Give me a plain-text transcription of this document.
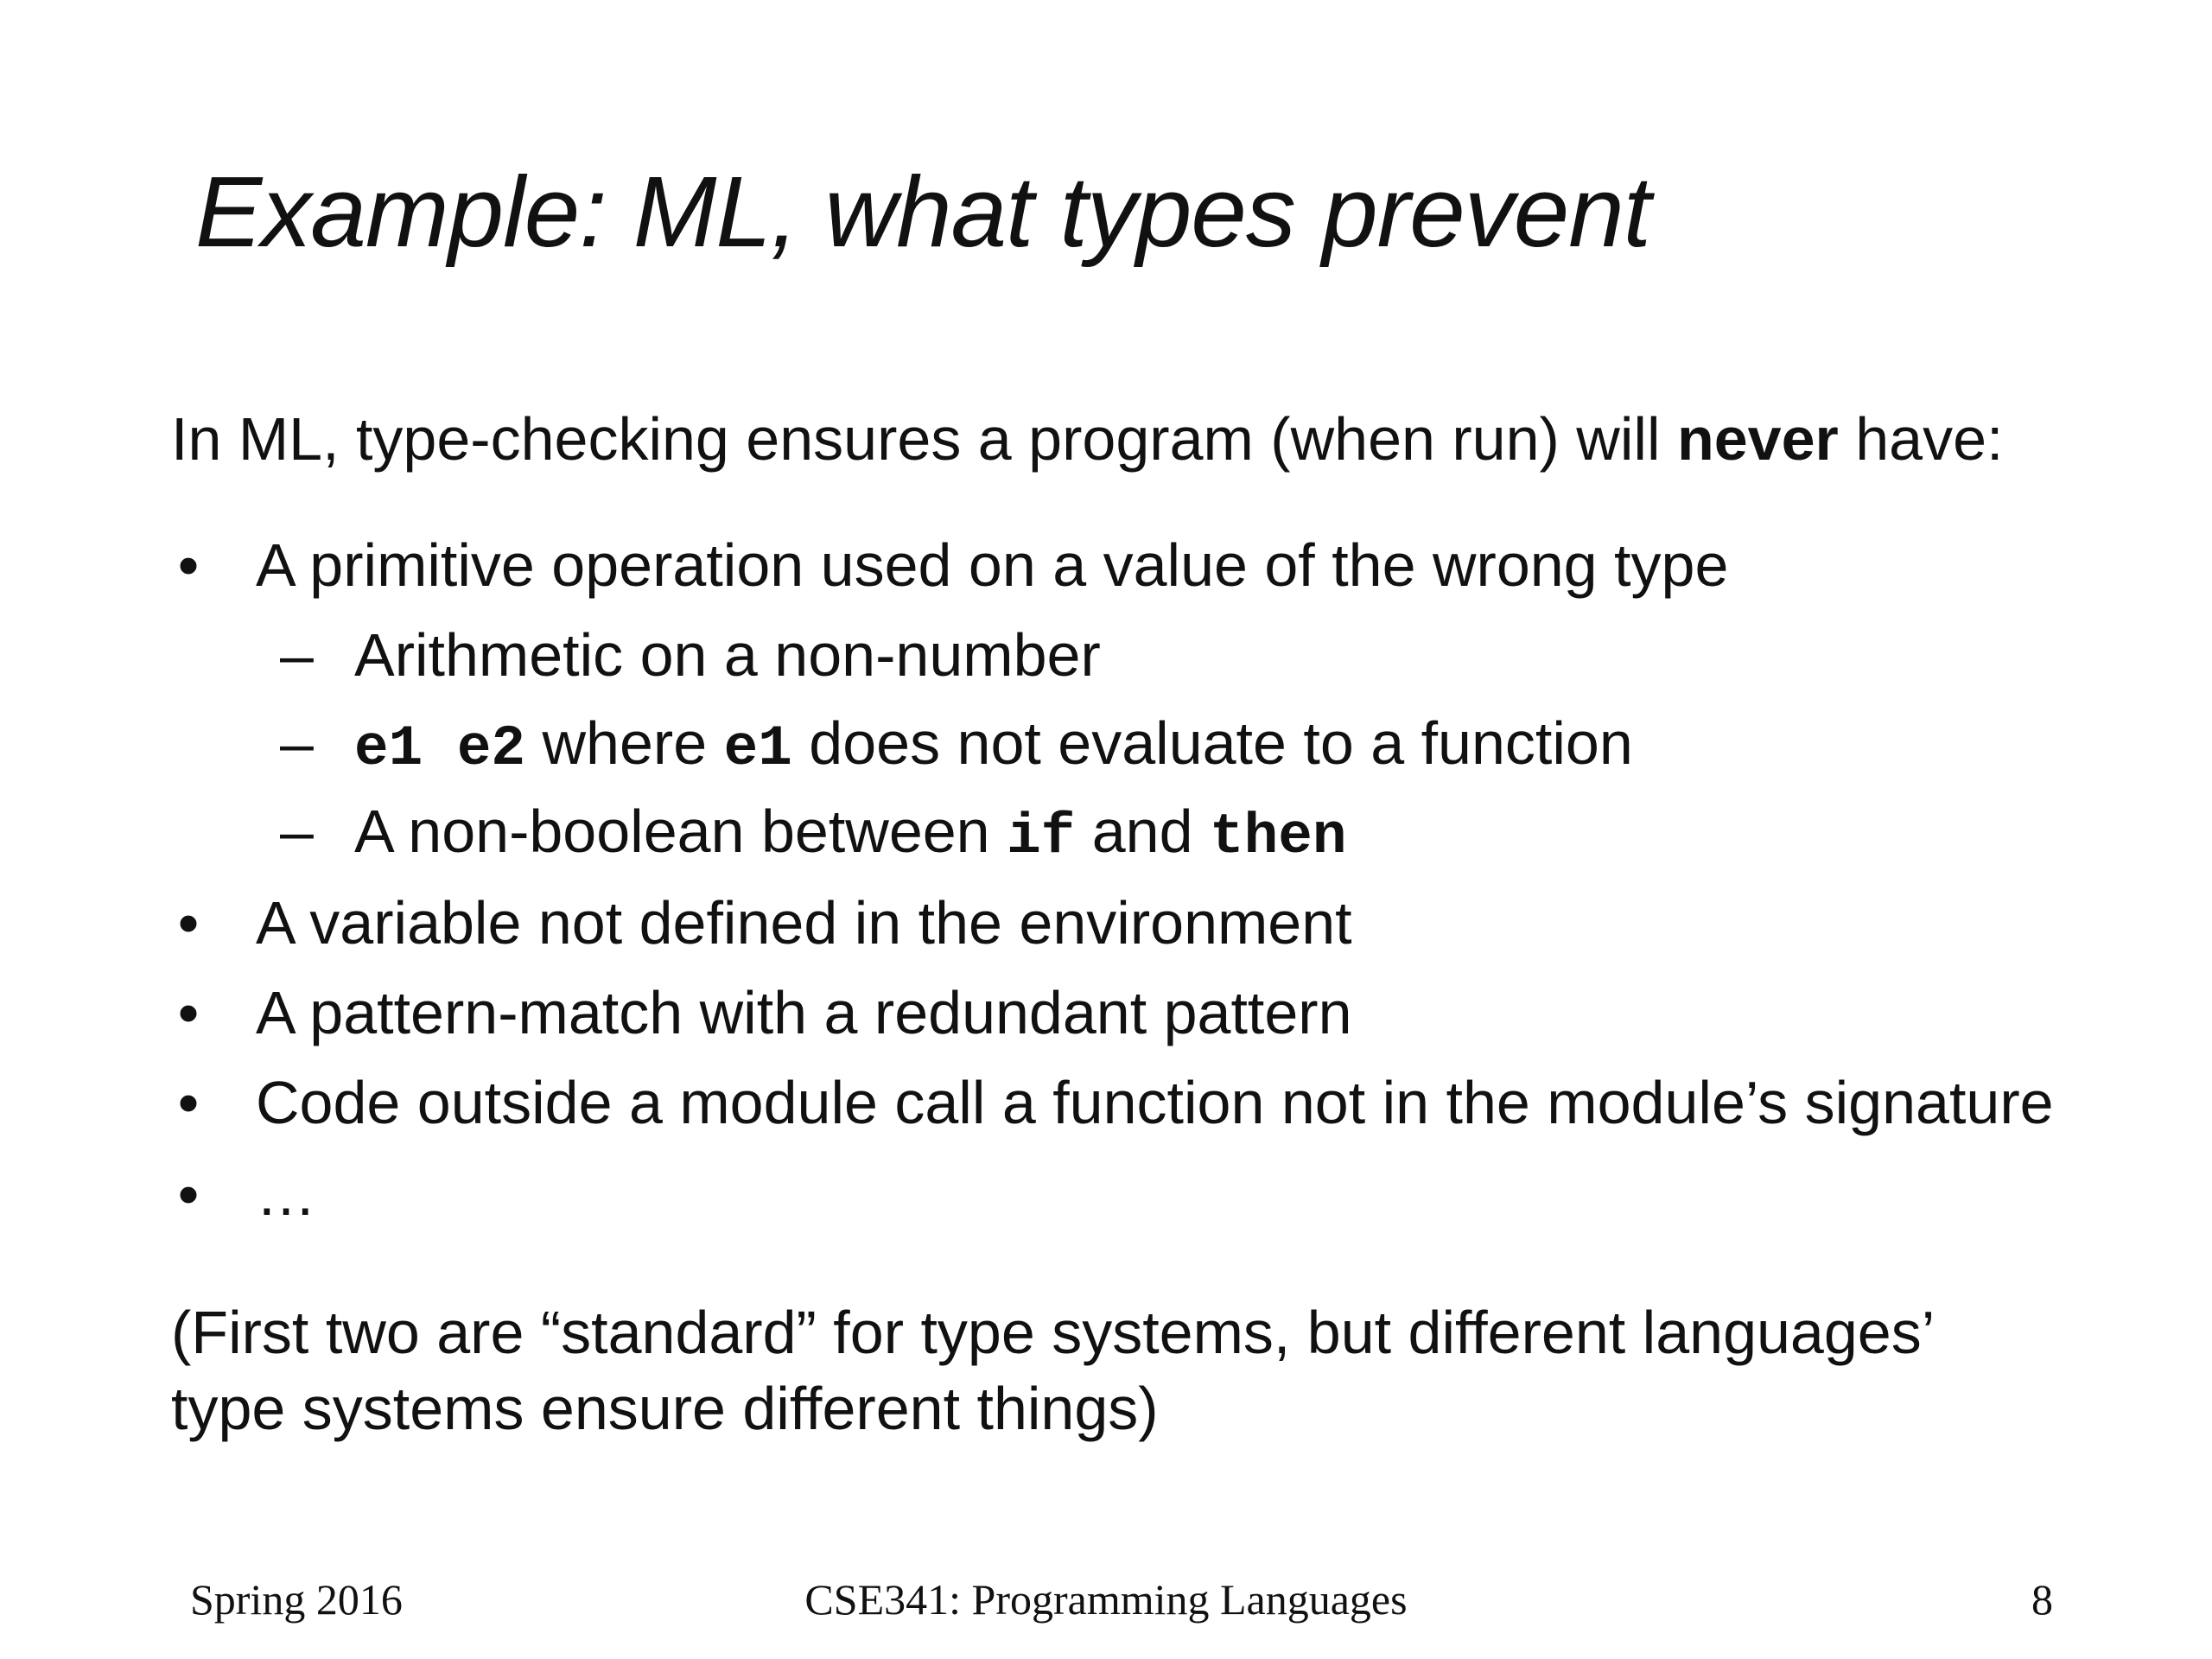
Example: ML, what types prevent
In ML, type-checking ensures a program (when run) will never have:
• A primitive operation used on a value of the wrong type
– Arithmetic on a non-number
– e1 e2 where e1 does not evaluate to a function
– A non-boolean between if and then
• A variable not defined in the environment
• A pattern-match with a redundant pattern
• Code outside a module call a function not in the module’s signature
• …
(First two are “standard” for type systems, but different languages’
type systems ensure different things)
Spring 2016	CSE341: Programming Languages	8
